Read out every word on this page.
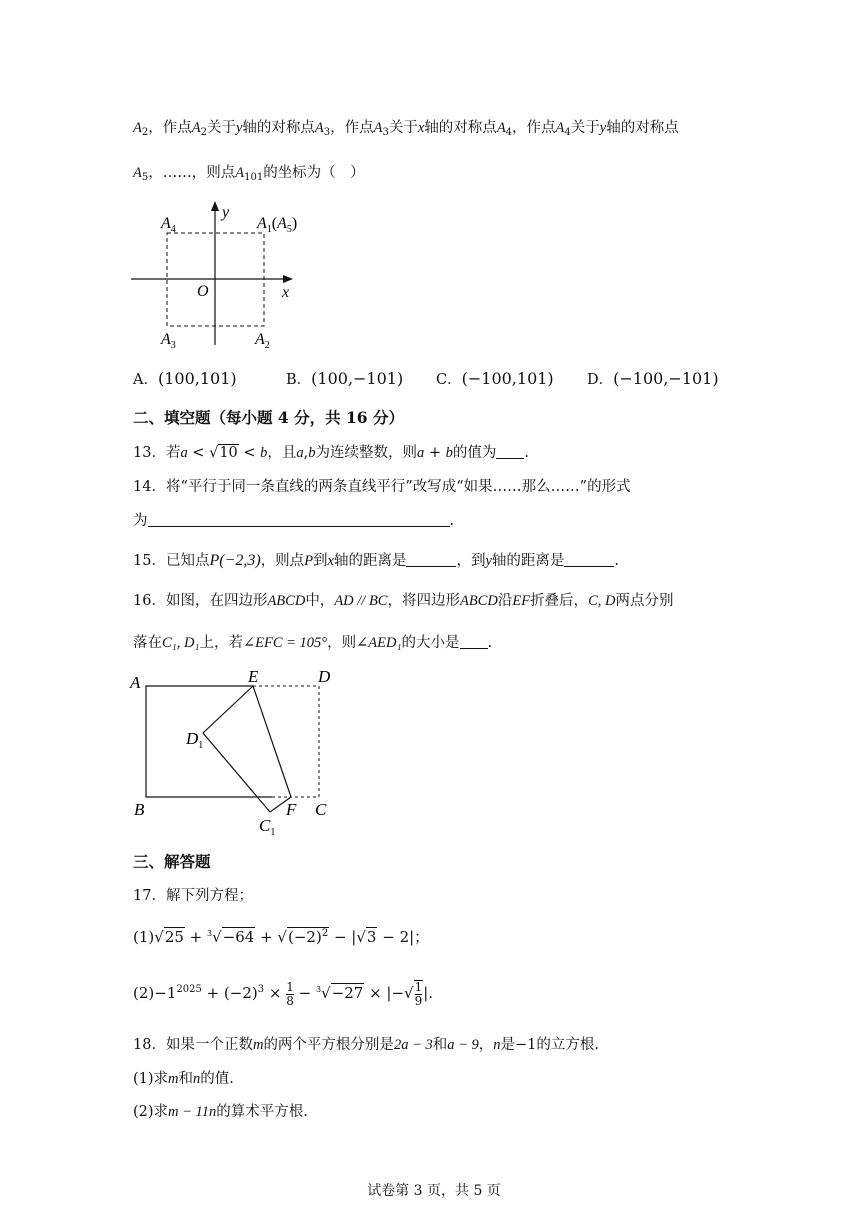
$A_2$，作点$A_2$关于y轴的对称点$A_3$，作点$A_3$关于x轴的对称点$A_4$，作点$A_4$关于y轴的对称点
$A_5$，……，则点$A_{101}$的坐标为（　）
$A_4$
y
$A_1(A_5)$
O	x
$A_3$	$A_2$
A．(100,101)	B．(100,−101) C．(−100,101) D．(−100,−101)
二、填空题（每小题 4 分，共 16 分）
13．若a < √10 < b，且a,b为连续整数，则a + b的值为 .
14．将“平行于同一条直线的两条直线平行”改写成“如果……那么……”的形式
为	.
15．已知点P(−2,3)，则点P到x轴的距离是	，到y轴的距离是	.
16．如图，在四边形ABCD中，AD // BC，将四边形ABCD沿EF折叠后，C, D两点分别
落在C₁, D₁上，若∠EFC = 105°，则∠AED₁的大小是 .
A	E	D
$D_1$
B	F C
$C_1$
三、解答题
17．解下列方程；
$(1)√25 + ^3√-64 + √(-2)^2 - |√3 - 2|$；
$(2)-1^{2025} + (-2)^3 \times \frac{1}{8} - ^3√-27$ × |−√ $\frac{1}{9}$ |.
18．如果一个正数m的两个平方根分别是2a − 3和a − 9，n是−1的立方根.
(1)求m和n的值.
(2)求m − 11n的算术平方根.
试卷第 3 页，共 5 页
